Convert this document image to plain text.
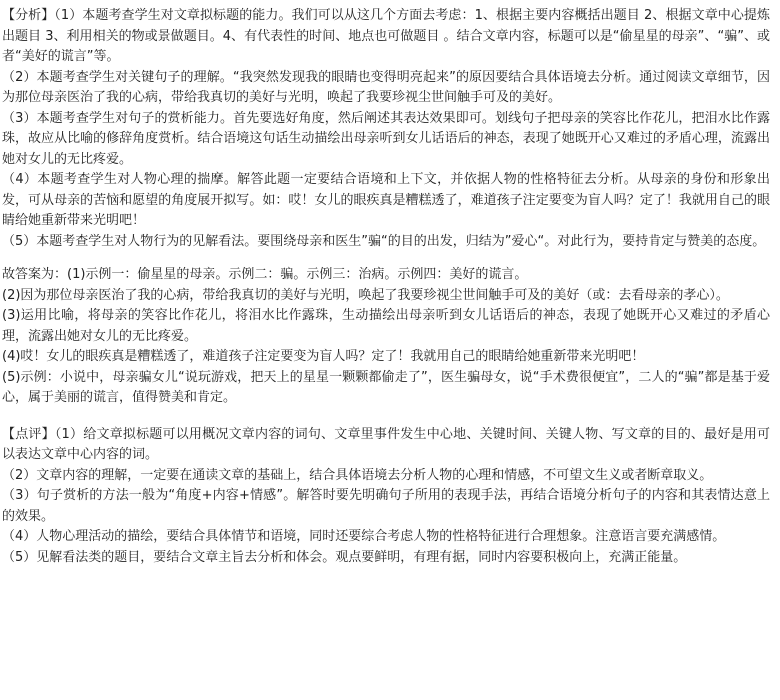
【分析】（1）本题考查学生对文章拟标题的能力。我们可以从这几个方面去考虑：1、根据主要内容概括出题目 2、根据文章中心提炼出题目 3、利用相关的物或景做题目。4、有代表性的时间、地点也可做题目 。结合文章内容，标题可以是“偷星星的母亲”、“骗”、或者“美好的谎言”等。

（2）本题考查学生对关键句子的理解。“我突然发现我的眼睛也变得明亮起来”的原因要结合具体语境去分析。通过阅读文章细节，因为那位母亲医治了我的心病，带给我真切的美好与光明，唤起了我要珍视尘世间触手可及的美好。

（3）本题考查学生对句子的赏析能力。首先要选好角度，然后阐述其表达效果即可。划线句子把母亲的笑容比作花儿，把泪水比作露珠，故应从比喻的修辞角度赏析。结合语境这句话生动描绘出母亲听到女儿话语后的神态，表现了她既开心又难过的矛盾心理，流露出她对女儿的无比疼爱。

（4）本题考查学生对人物心理的揣摩。解答此题一定要结合语境和上下文，并依据人物的性格特征去分析。从母亲的身份和形象出发，可从母亲的苦恼和愿望的角度展开拟写。如：哎！女儿的眼疾真是糟糕透了，难道孩子注定要变为盲人吗？定了！我就用自己的眼睛给她重新带来光明吧！

（5）本题考查学生对人物行为的见解看法。要围绕母亲和医生”骗“的目的出发，归结为”爱心“。对此行为，要持肯定与赞美的态度。

故答案为：(1)示例一：偷星星的母亲。示例二：骗。示例三：治病。示例四：美好的谎言。

(2)因为那位母亲医治了我的心病，带给我真切的美好与光明，唤起了我要珍视尘世间触手可及的美好（或：去看母亲的孝心）。

(3)运用比喻，将母亲的笑容比作花儿，将泪水比作露珠，生动描绘出母亲听到女儿话语后的神态，表现了她既开心又难过的矛盾心理，流露出她对女儿的无比疼爱。

(4)哎！女儿的眼疾真是糟糕透了，难道孩子注定要变为盲人吗？定了！我就用自己的眼睛给她重新带来光明吧！

(5)示例：小说中，母亲骗女儿“说玩游戏，把天上的星星一颗颗都偷走了”，医生骗母女，说“手术费很便宜”，二人的“骗”都是基于爱心，属于美丽的谎言，值得赞美和肯定。

【点评】（1）给文章拟标题可以用概况文章内容的词句、文章里事件发生中心地、关键时间、关键人物、写文章的目的、最好是用可以表达文章中心内容的词。

（2）文章内容的理解，一定要在通读文章的基础上，结合具体语境去分析人物的心理和情感，不可望文生义或者断章取义。

（3）句子赏析的方法一般为“角度+内容+情感”。解答时要先明确句子所用的表现手法，再结合语境分析句子的内容和其表情达意上的效果。

（4）人物心理活动的描绘，要结合具体情节和语境，同时还要综合考虑人物的性格特征进行合理想象。注意语言要充满感情。

（5）见解看法类的题目，要结合文章主旨去分析和体会。观点要鲜明，有理有据，同时内容要积极向上，充满正能量。
